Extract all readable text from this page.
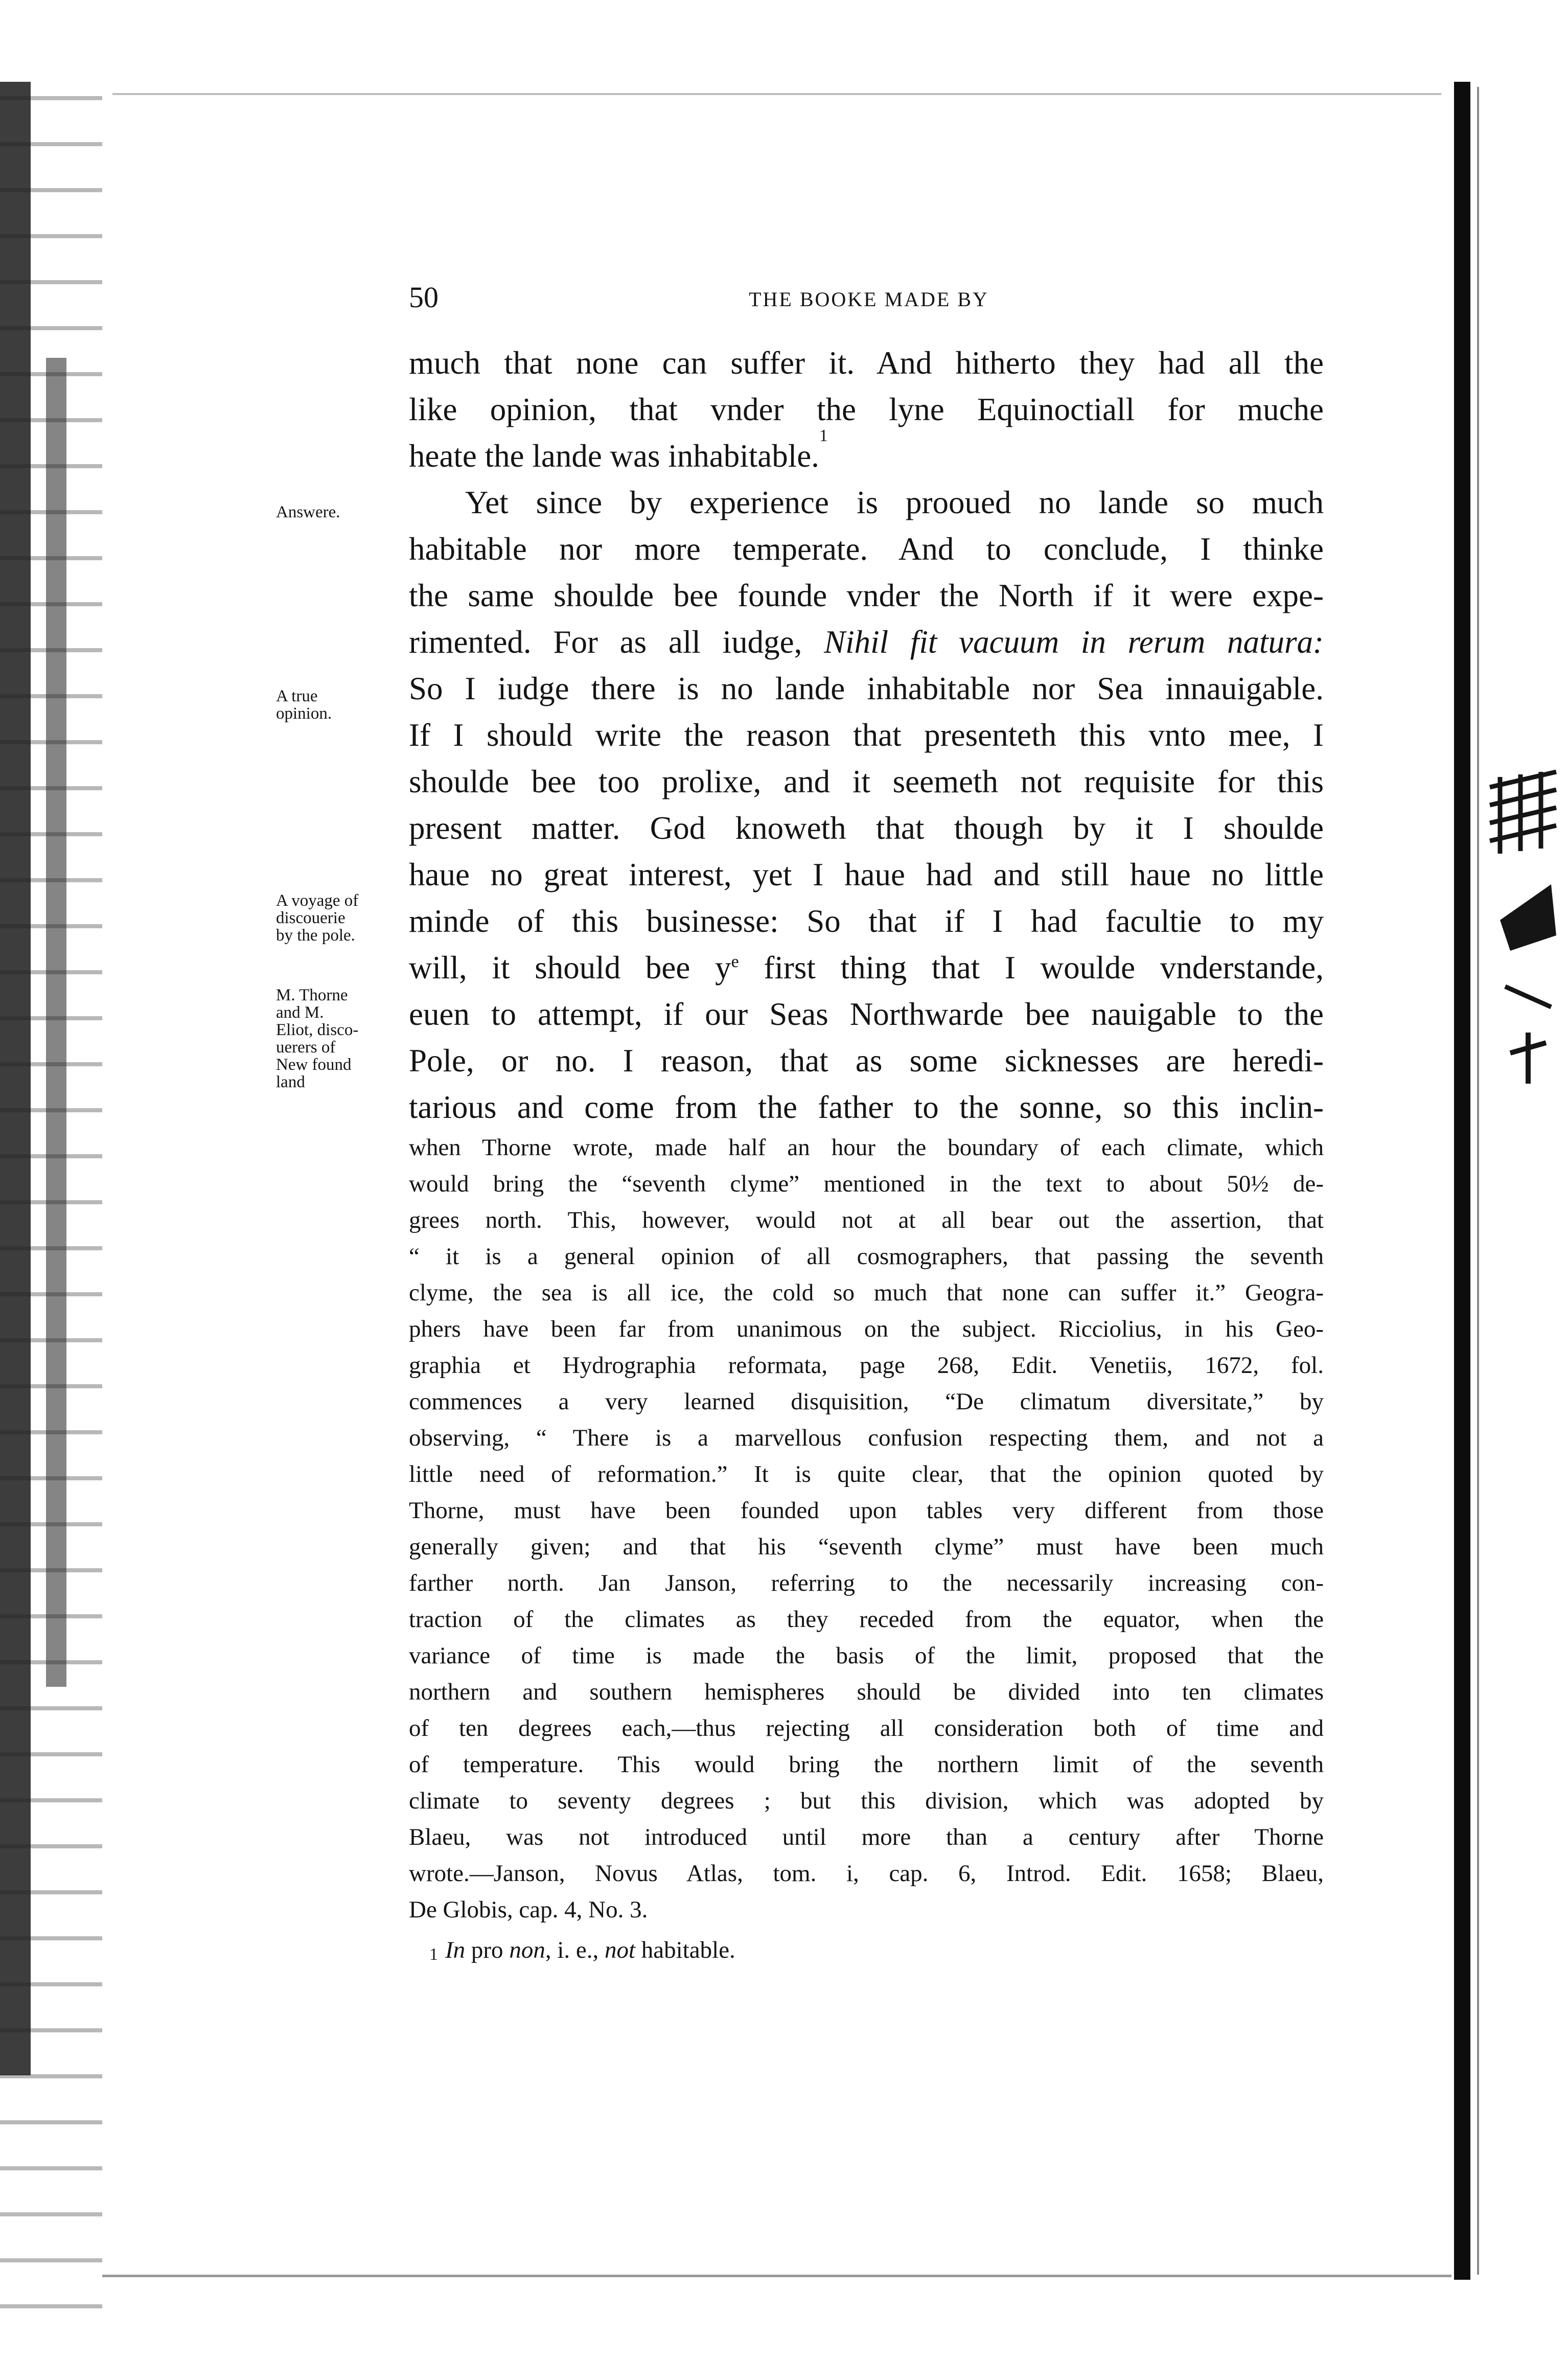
50	THE BOOKE MADE BY

Answere.

A true
opinion.

A voyage of
discouerie
by the pole.

M. Thorne
and M.
Eliot, disco-
uerers of
New found
land

much that none can suffer it. And hitherto they had all the
like opinion, that vnder the lyne Equinoctiall for muche
heate the lande was inhabitable.$^1$
Yet since by experience is prooued no lande so much
habitable nor more temperate. And to conclude, I thinke
the same shoulde bee founde vnder the North if it were expe-
rimented. For as all iudge, Nihil fit vacuum in rerum natura:
So I iudge there is no lande inhabitable nor Sea innauigable.
If I should write the reason that presenteth this vnto mee, I
shoulde bee too prolixe, and it seemeth not requisite for this
present matter. God knoweth that though by it I shoulde
haue no great interest, yet I haue had and still haue no little
minde of this businesse: So that if I had facultie to my
will, it should bee $y^e$ first thing that I woulde vnderstande,
euen to attempt, if our Seas Northwarde bee nauigable to the
Pole, or no. I reason, that as some sicknesses are heredi-
tarious and come from the father to the sonne, so this inclin-
when Thorne wrote, made half an hour the boundary of each climate, which
would bring the “seventh clyme” mentioned in the text to about 50½ de-
grees north. This, however, would not at all bear out the assertion, that
“ it is a general opinion of all cosmographers, that passing the seventh
clyme, the sea is all ice, the cold so much that none can suffer it.” Geogra-
phers have been far from unanimous on the subject. Ricciolius, in his Geo-
graphia et Hydrographia reformata, page 268, Edit. Venetiis, 1672, fol.
commences a very learned disquisition, “De climatum diversitate,” by
observing, “ There is a marvellous confusion respecting them, and not a
little need of reformation.” It is quite clear, that the opinion quoted by
Thorne, must have been founded upon tables very different from those
generally given; and that his “seventh clyme” must have been much
farther north. Jan Janson, referring to the necessarily increasing con-
traction of the climates as they receded from the equator, when the
variance of time is made the basis of the limit, proposed that the
northern and southern hemispheres should be divided into ten climates
of ten degrees each,—thus rejecting all consideration both of time and
of temperature. This would bring the northern limit of the seventh
climate to seventy degrees ; but this division, which was adopted by
Blaeu, was not introduced until more than a century after Thorne
wrote.—Janson, Novus Atlas, tom. i, cap. 6, Introd. Edit. 1658; Blaeu,
De Globis, cap. 4, No. 3.
$^1$ In pro non, i. e., not habitable.
